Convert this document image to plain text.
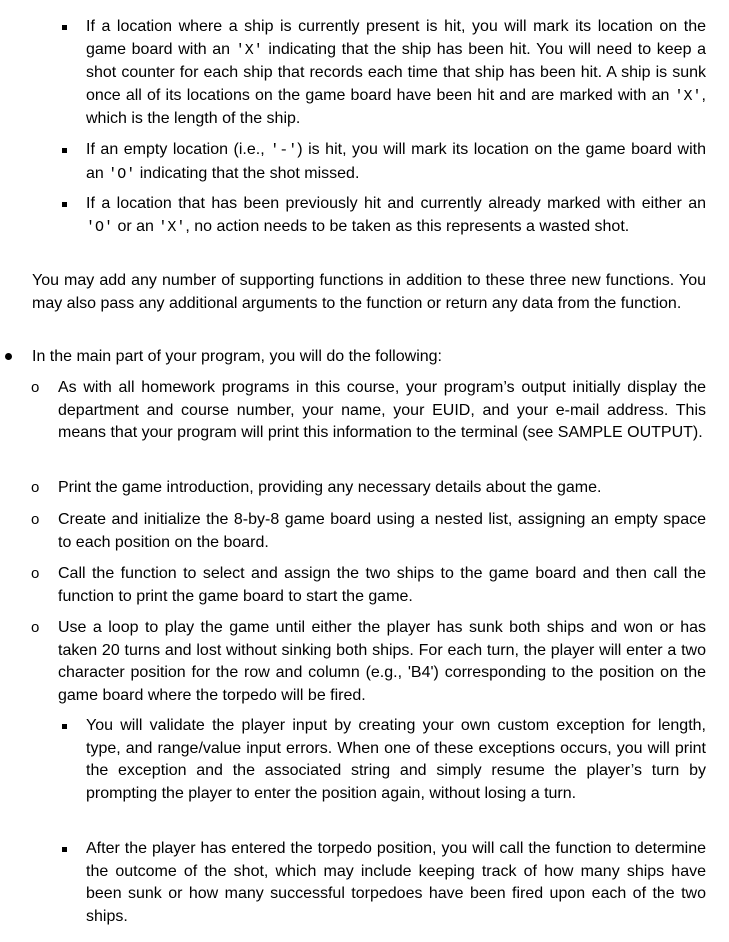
If a location where a ship is currently present is hit, you will mark its location on the game board with an 'X' indicating that the ship has been hit. You will need to keep a shot counter for each ship that records each time that ship has been hit. A ship is sunk once all of its locations on the game board have been hit and are marked with an 'X', which is the length of the ship.

If an empty location (i.e., '-') is hit, you will mark its location on the game board with an 'O' indicating that the shot missed.

If a location that has been previously hit and currently already marked with either an 'O' or an 'X', no action needs to be taken as this represents a wasted shot.

You may add any number of supporting functions in addition to these three new functions. You may also pass any additional arguments to the function or return any data from the function.

In the main part of your program, you will do the following:

o As with all homework programs in this course, your program’s output initially display the department and course number, your name, your EUID, and your e-mail address. This means that your program will print this information to the terminal (see SAMPLE OUTPUT).

o Print the game introduction, providing any necessary details about the game.

o Create and initialize the 8-by-8 game board using a nested list, assigning an empty space to each position on the board.

o Call the function to select and assign the two ships to the game board and then call the function to print the game board to start the game.

o Use a loop to play the game until either the player has sunk both ships and won or has taken 20 turns and lost without sinking both ships. For each turn, the player will enter a two character position for the row and column (e.g., 'B4') corresponding to the position on the game board where the torpedo will be fired.

You will validate the player input by creating your own custom exception for length, type, and range/value input errors. When one of these exceptions occurs, you will print the exception and the associated string and simply resume the player’s turn by prompting the player to enter the position again, without losing a turn.

After the player has entered the torpedo position, you will call the function to determine the outcome of the shot, which may include keeping track of how many ships have been sunk or how many successful torpedoes have been fired upon each of the two ships.
